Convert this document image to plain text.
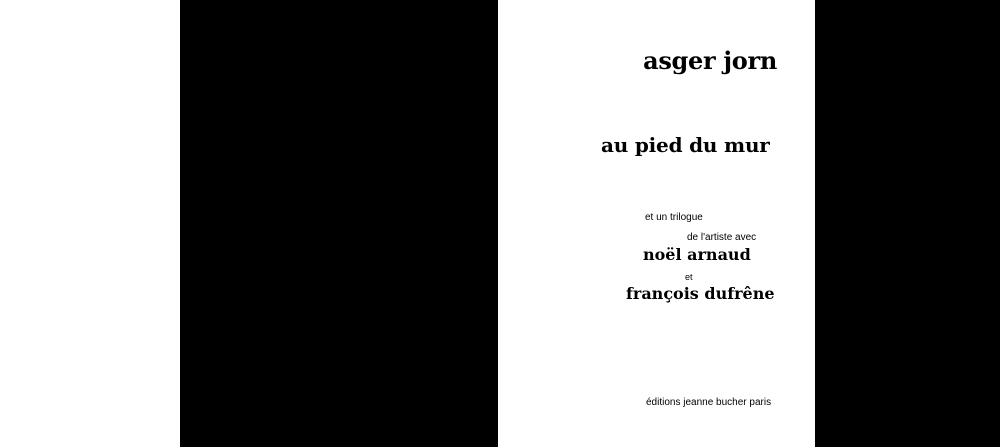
asger jorn
au pied du mur
et un trilogue
de l'artiste avec
noël arnaud
et
françois dufrêne
éditions jeanne bucher paris
